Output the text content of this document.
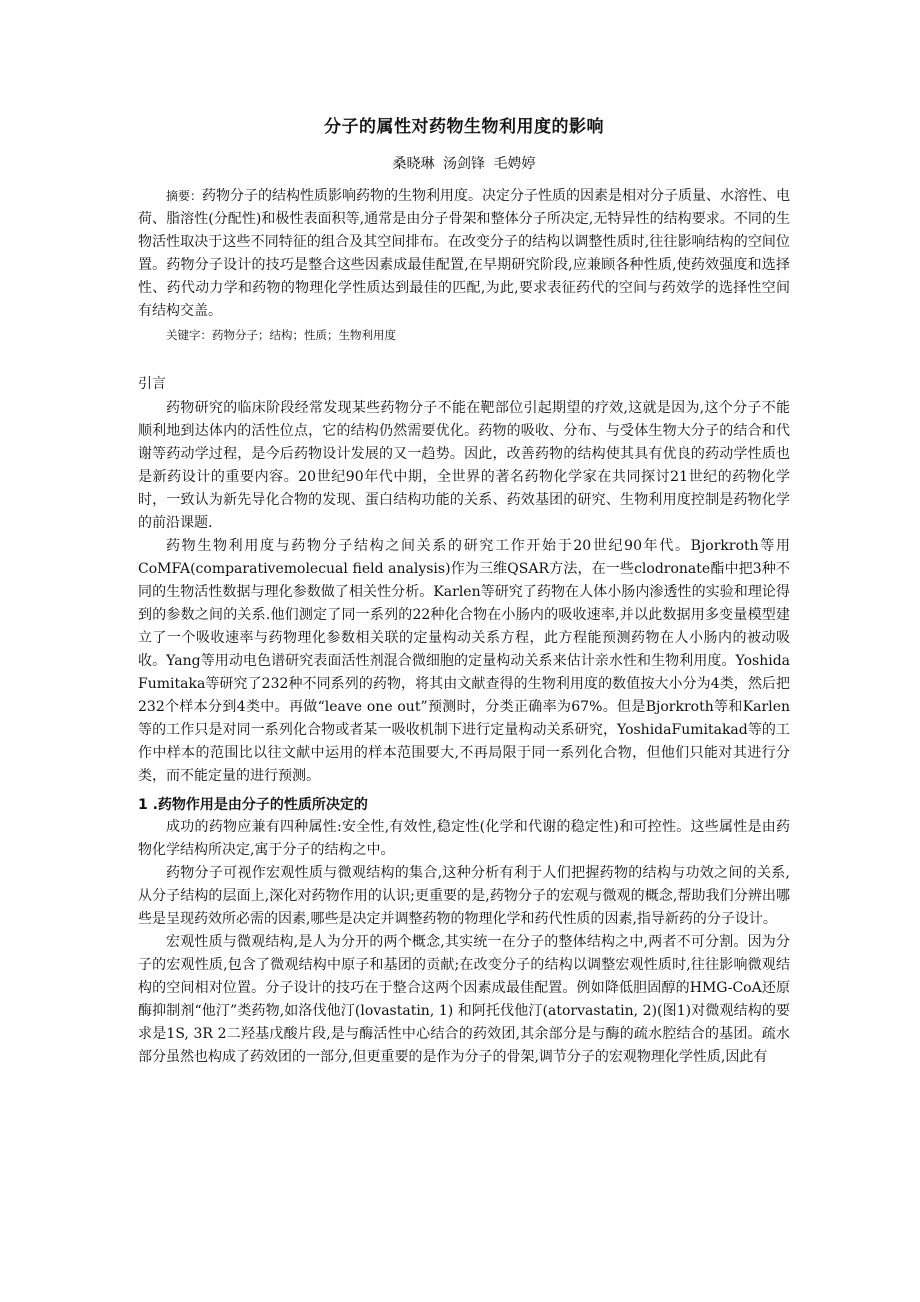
分子的属性对药物生物利用度的影响
桑晓琳 汤剑锋 毛娉婷

摘要：药物分子的结构性质影响药物的生物利用度。决定分子性质的因素是相对分子质量、水溶性、电荷、脂溶性(分配性)和极性表面积等,通常是由分子骨架和整体分子所决定,无特异性的结构要求。不同的生物活性取决于这些不同特征的组合及其空间排布。在改变分子的结构以调整性质时,往往影响结构的空间位置。药物分子设计的技巧是整合这些因素成最佳配置,在早期研究阶段,应兼顾各种性质,使药效强度和选择性、药代动力学和药物的物理化学性质达到最佳的匹配,为此,要求表征药代的空间与药效学的选择性空间有结构交盖。

关键字：药物分子；结构；性质；生物利用度
引言

药物研究的临床阶段经常发现某些药物分子不能在靶部位引起期望的疗效,这就是因为,这个分子不能顺利地到达体内的活性位点，它的结构仍然需要优化。药物的吸收、分布、与受体生物大分子的结合和代谢等药动学过程，是今后药物设计发展的又一趋势。因此，改善药物的结构使其具有优良的药动学性质也是新药设计的重要内容。20世纪90年代中期，全世界的著名药物化学家在共同探讨21世纪的药物化学时，一致认为新先导化合物的发现、蛋白结构功能的关系、药效基团的研究、生物利用度控制是药物化学的前沿课题.

药物生物利用度与药物分子结构之间关系的研究工作开始于20世纪90年代。Bjorkroth等用CoMFA(comparativemolecual field analysis)作为三维QSAR方法，在一些clodronate酯中把3种不同的生物活性数据与理化参数做了相关性分析。Karlen等研究了药物在人体小肠内渗透性的实验和理论得到的参数之间的关系.他们测定了同一系列的22种化合物在小肠内的吸收速率,并以此数据用多变量模型建立了一个吸收速率与药物理化参数相关联的定量构动关系方程，此方程能预测药物在人小肠内的被动吸收。Yang等用动电色谱研究表面活性剂混合微细胞的定量构动关系来估计亲水性和生物利用度。Yoshida Fumitaka等研究了232种不同系列的药物，将其由文献查得的生物利用度的数值按大小分为4类，然后把232个样本分到4类中。再做“leave one out”预测时，分类正确率为67%。但是Bjorkroth等和Karlen等的工作只是对同一系列化合物或者某一吸收机制下进行定量构动关系研究，YoshidaFumitakad等的工作中样本的范围比以往文献中运用的样本范围要大,不再局限于同一系列化合物，但他们只能对其进行分类，而不能定量的进行预测。

1 .药物作用是由分子的性质所决定的

成功的药物应兼有四种属性:安全性,有效性,稳定性(化学和代谢的稳定性)和可控性。这些属性是由药物化学结构所决定,寓于分子的结构之中。

药物分子可视作宏观性质与微观结构的集合,这种分析有利于人们把握药物的结构与功效之间的关系,从分子结构的层面上,深化对药物作用的认识;更重要的是,药物分子的宏观与微观的概念,帮助我们分辨出哪些是呈现药效所必需的因素,哪些是决定并调整药物的物理化学和药代性质的因素,指导新药的分子设计。

宏观性质与微观结构,是人为分开的两个概念,其实统一在分子的整体结构之中,两者不可分割。因为分子的宏观性质,包含了微观结构中原子和基团的贡献;在改变分子的结构以调整宏观性质时,往往影响微观结构的空间相对位置。分子设计的技巧在于整合这两个因素成最佳配置。例如降低胆固醇的HMG-CoA还原酶抑制剂“他汀”类药物,如洛伐他汀(lovastatin, 1) 和阿托伐他汀(atorvastatin, 2)(图1)对微观结构的要求是1S, 3R 2二羟基戊酸片段,是与酶活性中心结合的药效团,其余部分是与酶的疏水腔结合的基团。疏水部分虽然也构成了药效团的一部分,但更重要的是作为分子的骨架,调节分子的宏观物理化学性质,因此有
